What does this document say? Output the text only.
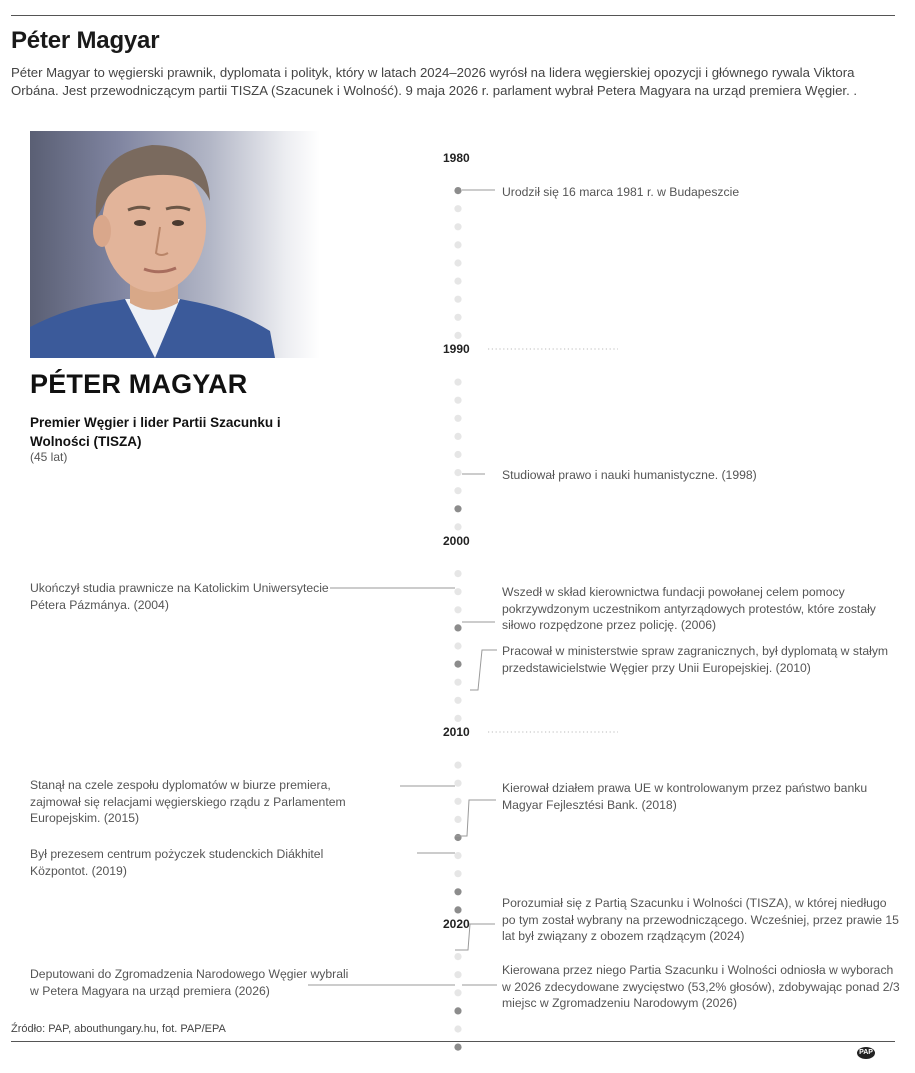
Péter Magyar

Péter Magyar to węgierski prawnik, dyplomata i polityk, który w latach 2024–2026 wyrósł na lidera węgierskiej opozycji i głównego rywala Viktora Orbána. Jest przewodniczącym partii TISZA (Szacunek i Wolność). 9 maja 2026 r. parlament wybrał Petera Magyara na urząd premiera Węgier. .

PÉTER MAGYAR

Premier Węgier i lider Partii Szacunku i Wolności (TISZA)

(45 lat)
1980
1990
2000
2010
2020

Urodził się 16 marca 1981 r. w Budapeszcie

Studiował prawo i nauki humanistyczne. (1998)

Ukończył studia prawnicze na Katolickim Uniwersytecie Pétera Pázmánya. (2004)

Wszedł w skład kierownictwa fundacji powołanej celem pomocy pokrzywdzonym uczestnikom antyrządowych protestów, które zostały siłowo rozpędzone przez policję. (2006)

Pracował w ministerstwie spraw zagranicznych, był dyplomatą w stałym przedstawicielstwie Węgier przy Unii Europejskiej. (2010)

Stanął na czele zespołu dyplomatów w biurze premiera, zajmował się relacjami węgierskiego rządu z Parlamentem Europejskim. (2015)

Kierował działem prawa UE w kontrolowanym przez państwo banku Magyar Fejlesztési Bank. (2018)

Był prezesem centrum pożyczek studenckich Diákhitel Központot. (2019)

Porozumiał się z Partią Szacunku i Wolności (TISZA), w której niedługo po tym został wybrany na przewodniczącego. Wcześniej, przez prawie 15 lat był związany z obozem rządzącym (2024)

Deputowani do Zgromadzenia Narodowego Węgier wybrali w Petera Magyara na urząd premiera (2026)

Kierowana przez niego Partia Szacunku i Wolności odniosła w wyborach w 2026 zdecydowane zwycięstwo (53,2% głosów), zdobywając ponad 2/3 miejsc w Zgromadzeniu Narodowym (2026)

Źródło: PAP, abouthungary.hu, fot. PAP/EPA
PAP
